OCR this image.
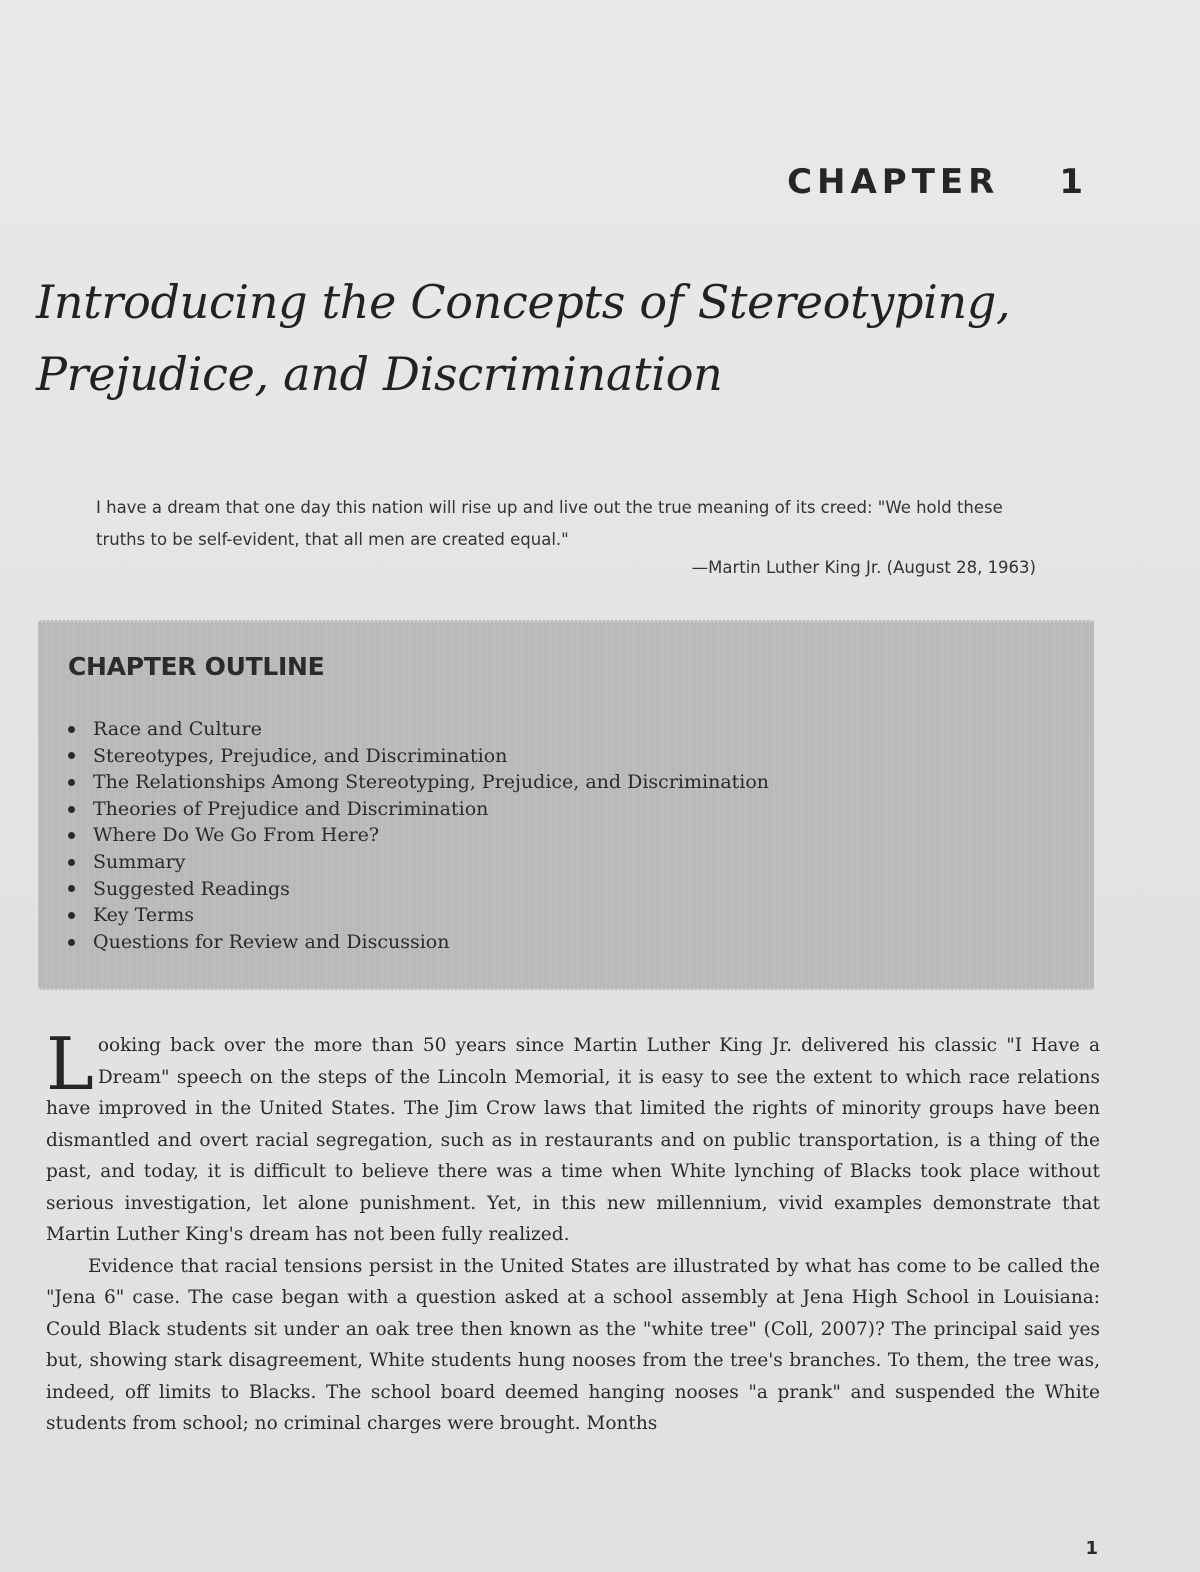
CHAPTER 1
Introducing the Concepts of Stereotyping, Prejudice, and Discrimination

I have a dream that one day this nation will rise up and live out the true meaning of its creed: "We hold these truths to be self-evident, that all men are created equal."

—Martin Luther King Jr. (August 28, 1963)

CHAPTER OUTLINE
Race and Culture
Stereotypes, Prejudice, and Discrimination
The Relationships Among Stereotyping, Prejudice, and Discrimination
Theories of Prejudice and Discrimination
Where Do We Go From Here?
Summary
Suggested Readings
Key Terms
Questions for Review and Discussion

Looking back over the more than 50 years since Martin Luther King Jr. delivered his classic "I Have a Dream" speech on the steps of the Lincoln Memorial, it is easy to see the extent to which race relations have improved in the United States. The Jim Crow laws that limited the rights of minority groups have been dismantled and overt racial segregation, such as in restaurants and on public transportation, is a thing of the past, and today, it is difficult to believe there was a time when White lynching of Blacks took place without serious investigation, let alone punishment. Yet, in this new millennium, vivid examples demonstrate that Martin Luther King's dream has not been fully realized.

Evidence that racial tensions persist in the United States are illustrated by what has come to be called the "Jena 6" case. The case began with a question asked at a school assembly at Jena High School in Louisiana: Could Black students sit under an oak tree then known as the "white tree" (Coll, 2007)? The principal said yes but, showing stark disagreement, White students hung nooses from the tree's branches. To them, the tree was, indeed, off limits to Blacks. The school board deemed hanging nooses "a prank" and suspended the White students from school; no criminal charges were brought. Months

1
